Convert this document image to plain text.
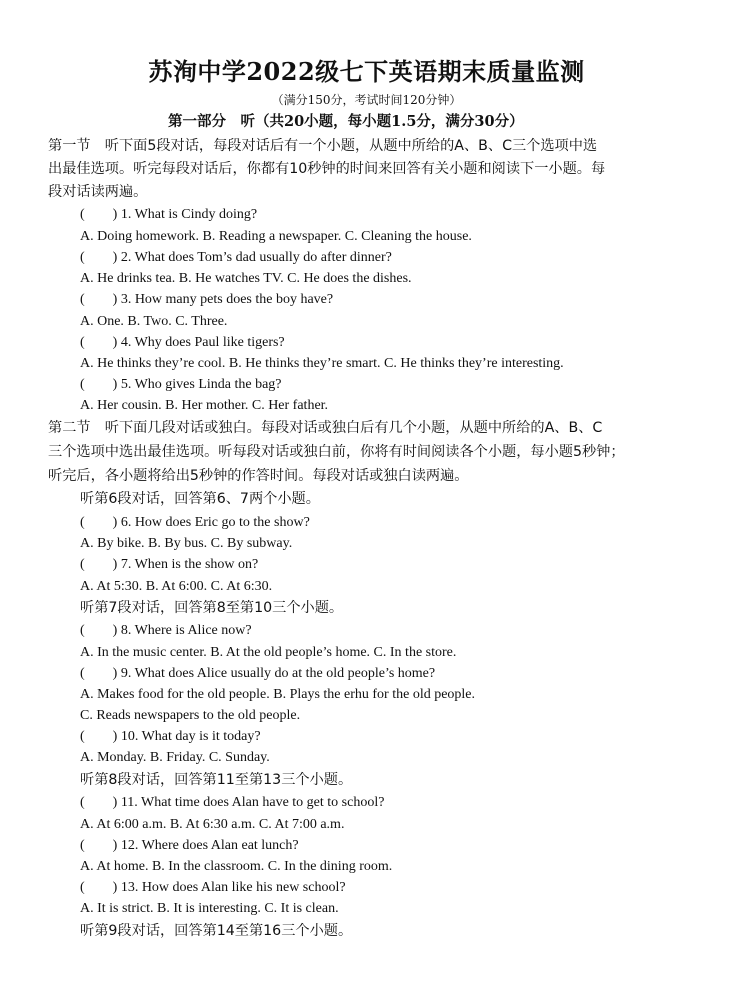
苏洵中学2022级七下英语期末质量监测
（满分150分，考试时间120分钟）
第一部分　听（共20小题，每小题1.5分，满分30分）
第一节　听下面5段对话，每段对话后有一个小题，从题中所给的A、B、C三个选项中选
出最佳选项。听完每段对话后，你都有10秒钟的时间来回答有关小题和阅读下一小题。每
段对话读两遍。
(　　) 1. What is Cindy doing?
A. Doing homework. B. Reading a newspaper. C. Cleaning the house.
(　　) 2. What does Tom’s dad usually do after dinner?
A. He drinks tea. B. He watches TV. C. He does the dishes.
(　　) 3. How many pets does the boy have?
A. One. B. Two. C. Three.
(　　) 4. Why does Paul like tigers?
A. He thinks they’re cool. B. He thinks they’re smart. C. He thinks they’re interesting.
(　　) 5. Who gives Linda the bag?
A. Her cousin. B. Her mother. C. Her father.
第二节　听下面几段对话或独白。每段对话或独白后有几个小题，从题中所给的A、B、C
三个选项中选出最佳选项。听每段对话或独白前，你将有时间阅读各个小题，每小题5秒钟；
听完后，各小题将给出5秒钟的作答时间。每段对话或独白读两遍。
听第6段对话，回答第6、7两个小题。
(　　) 6. How does Eric go to the show?
A. By bike. B. By bus. C. By subway.
(　　) 7. When is the show on?
A. At 5:30. B. At 6:00. C. At 6:30.
听第7段对话，回答第8至第10三个小题。
(　　) 8. Where is Alice now?
A. In the music center. B. At the old people’s home. C. In the store.
(　　) 9. What does Alice usually do at the old people’s home?
A. Makes food for the old people. B. Plays the erhu for the old people.
C. Reads newspapers to the old people.
(　　) 10. What day is it today?
A. Monday. B. Friday. C. Sunday.
听第8段对话，回答第11至第13三个小题。
(　　) 11. What time does Alan have to get to school?
A. At 6:00 a.m. B. At 6:30 a.m. C. At 7:00 a.m.
(　　) 12. Where does Alan eat lunch?
A. At home. B. In the classroom. C. In the dining room.
(　　) 13. How does Alan like his new school?
A. It is strict. B. It is interesting. C. It is clean.
听第9段对话，回答第14至第16三个小题。
